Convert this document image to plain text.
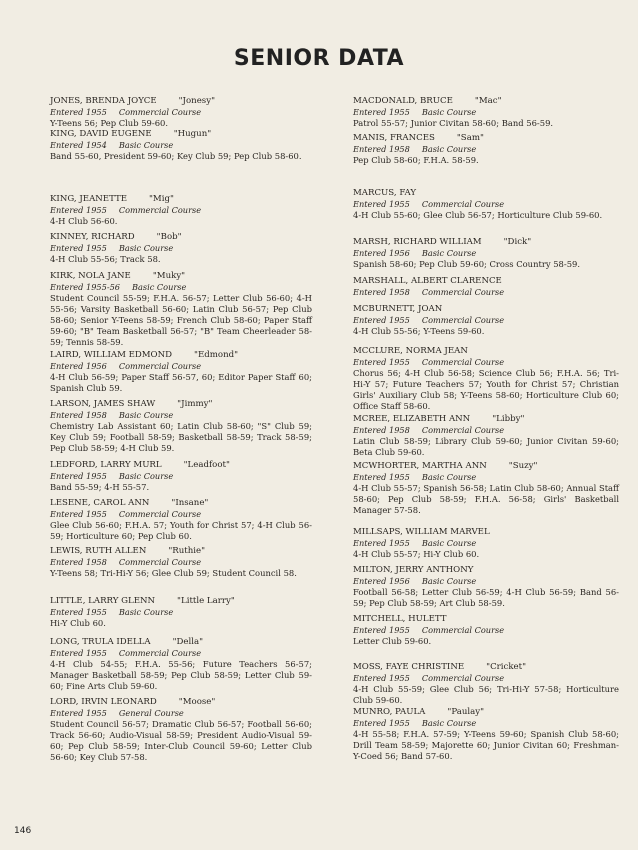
SENIOR DATA
JONES, BRENDA JOYCE	"Jonesy"
Entered 1955 Commercial Course
Y-Teens 56; Pep Club 59-60.
KING, DAVID EUGENE	"Hugun"
Entered 1954 Basic Course
Band 55-60, President 59-60; Key Club 59; Pep Club 58-60.
KING, JEANETTE	"Mig"
Entered 1955 Commercial Course
4-H Club 56-60.
KINNEY, RICHARD	"Bob"
Entered 1955 Basic Course
4-H Club 55-56; Track 58.
KIRK, NOLA JANE	"Muky"
Entered 1955-56 Basic Course
Student Council 55-59; F.H.A. 56-57; Letter Club 56-60; 4-H 55-56; Varsity Basketball 56-60; Latin Club 56-57; Pep Club 58-60; Senior Y-Teens 58-59; French Club 58-60; Paper Staff 59-60; "B" Team Basketball 56-57; "B" Team Cheerleader 58-59; Tennis 58-59.
LAIRD, WILLIAM EDMOND	"Edmond"
Entered 1956 Commercial Course
4-H Club 56-59; Paper Staff 56-57, 60; Editor Paper Staff 60; Spanish Club 59.
LARSON, JAMES SHAW	"Jimmy"
Entered 1958 Basic Course
Chemistry Lab Assistant 60; Latin Club 58-60; "S" Club 59; Key Club 59; Football 58-59; Basketball 58-59; Track 58-59; Pep Club 58-59; 4-H Club 59.
LEDFORD, LARRY MURL	"Leadfoot"
Entered 1955 Basic Course
Band 55-59; 4-H 55-57.
LESENE, CAROL ANN	"Insane"
Entered 1955 Commercial Course
Glee Club 56-60; F.H.A. 57; Youth for Christ 57; 4-H Club 56-59; Horticulture 60; Pep Club 60.
LEWIS, RUTH ALLEN	"Ruthie"
Entered 1958 Commercial Course
Y-Teens 58; Tri-Hi-Y 56; Glee Club 59; Student Council 58.
LITTLE, LARRY GLENN	"Little Larry"
Entered 1955 Basic Course
Hi-Y Club 60.
LONG, TRULA IDELLA	"Della"
Entered 1955 Commercial Course
4-H Club 54-55; F.H.A. 55-56; Future Teachers 56-57; Manager Basketball 58-59; Pep Club 58-59; Letter Club 59-60; Fine Arts Club 59-60.
LORD, IRVIN LEONARD	"Moose"
Entered 1955 General Course
Student Council 56-57; Dramatic Club 56-57; Football 56-60; Track 56-60; Audio-Visual 58-59; President Audio-Visual 59-60; Pep Club 58-59; Inter-Club Council 59-60; Letter Club 56-60; Key Club 57-58.
MACDONALD, BRUCE	"Mac"
Entered 1955 Basic Course
Patrol 55-57; Junior Civitan 58-60; Band 56-59.
MANIS, FRANCES	"Sam"
Entered 1958 Basic Course
Pep Club 58-60; F.H.A. 58-59.
MARCUS, FAY
Entered 1955 Commercial Course
4-H Club 55-60; Glee Club 56-57; Horticulture Club 59-60.
MARSH, RICHARD WILLIAM	"Dick"
Entered 1956 Basic Course
Spanish 58-60; Pep Club 59-60; Cross Country 58-59.
MARSHALL, ALBERT CLARENCE
Entered 1958 Commercial Course
MCBURNETT, JOAN
Entered 1955 Commercial Course
4-H Club 55-56; Y-Teens 59-60.
MCCLURE, NORMA JEAN
Entered 1955 Commercial Course
Chorus 56; 4-H Club 56-58; Science Club 56; F.H.A. 56; Tri-Hi-Y 57; Future Teachers 57; Youth for Christ 57; Christian Girls' Auxiliary Club 58; Y-Teens 58-60; Horticulture Club 60; Office Staff 58-60.
MCREE, ELIZABETH ANN	"Libby"
Entered 1958 Commercial Course
Latin Club 58-59; Library Club 59-60; Junior Civitan 59-60; Beta Club 59-60.
MCWHORTER, MARTHA ANN	"Suzy"
Entered 1955 Basic Course
4-H Club 55-57; Spanish 56-58; Latin Club 58-60; Annual Staff 58-60; Pep Club 58-59; F.H.A. 56-58; Girls' Basketball Manager 57-58.
MILLSAPS, WILLIAM MARVEL
Entered 1955 Basic Course
4-H Club 55-57; Hi-Y Club 60.
MILTON, JERRY ANTHONY
Entered 1956 Basic Course
Football 56-58; Letter Club 56-59; 4-H Club 56-59; Band 56-59; Pep Club 58-59; Art Club 58-59.
MITCHELL, HULETT
Entered 1955 Commercial Course
Letter Club 59-60.
MOSS, FAYE CHRISTINE	"Cricket"
Entered 1955 Commercial Course
4-H Club 55-59; Glee Club 56; Tri-Hi-Y 57-58; Horticulture Club 59-60.
MUNRO, PAULA	"Paulay"
Entered 1955 Basic Course
4-H 55-58; F.H.A. 57-59; Y-Teens 59-60; Spanish Club 58-60; Drill Team 58-59; Majorette 60; Junior Civitan 60; Freshman-Y-Coed 56; Band 57-60.
146
